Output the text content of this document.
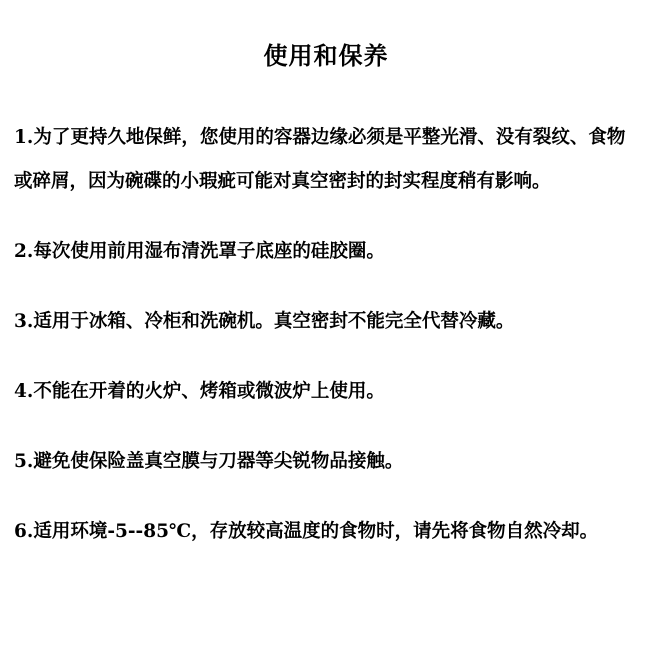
使用和保养
1.为了更持久地保鲜，您使用的容器边缘必须是平整光滑、没有裂纹、食物或碎屑，因为碗碟的小瑕疵可能对真空密封的封实程度稍有影响。
2.每次使用前用湿布清洗罩子底座的硅胶圈。
3.适用于冰箱、冷柜和洗碗机。真空密封不能完全代替冷藏。
4.不能在开着的火炉、烤箱或微波炉上使用。
5.避免使保险盖真空膜与刀器等尖锐物品接触。
6.适用环境-5--85℃，存放较高温度的食物时，请先将食物自然冷却。
